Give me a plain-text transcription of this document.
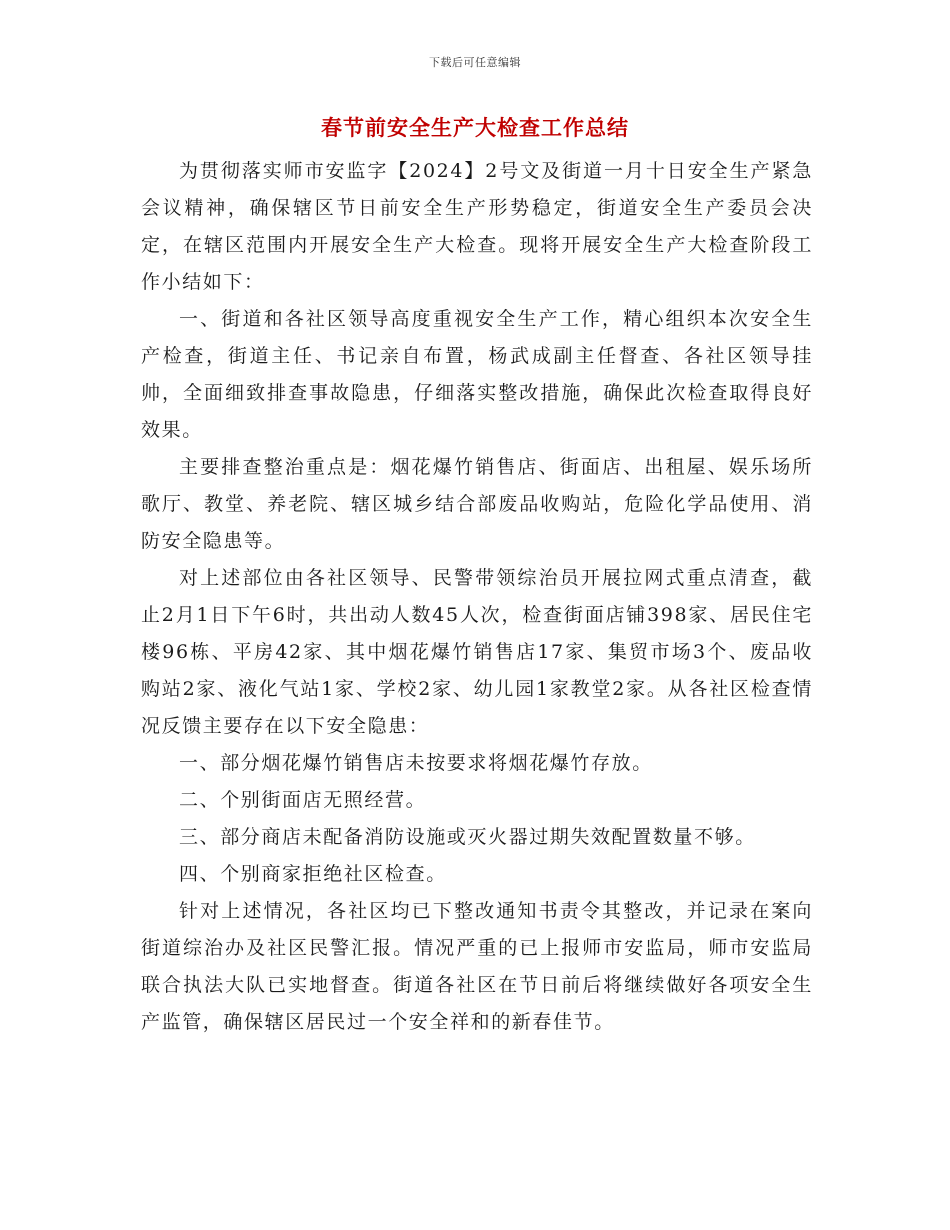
下载后可任意编辑
春节前安全生产大检查工作总结

为贯彻落实师市安监字【2024】2号文及街道一月十日安全生产紧急会议精神，确保辖区节日前安全生产形势稳定，街道安全生产委员会决定，在辖区范围内开展安全生产大检查。现将开展安全生产大检查阶段工作小结如下：

一、街道和各社区领导高度重视安全生产工作，精心组织本次安全生产检查，街道主任、书记亲自布置，杨武成副主任督查、各社区领导挂帅，全面细致排查事故隐患，仔细落实整改措施，确保此次检查取得良好效果。

主要排查整治重点是：烟花爆竹销售店、街面店、出租屋、娱乐场所歌厅、教堂、养老院、辖区城乡结合部废品收购站，危险化学品使用、消防安全隐患等。

对上述部位由各社区领导、民警带领综治员开展拉网式重点清查，截止2月1日下午6时，共出动人数45人次，检查街面店铺398家、居民住宅楼96栋、平房42家、其中烟花爆竹销售店17家、集贸市场3个、废品收购站2家、液化气站1家、学校2家、幼儿园1家教堂2家。从各社区检查情况反馈主要存在以下安全隐患：

一、部分烟花爆竹销售店未按要求将烟花爆竹存放。

二、个别街面店无照经营。

三、部分商店未配备消防设施或灭火器过期失效配置数量不够。

四、个别商家拒绝社区检查。

针对上述情况，各社区均已下整改通知书责令其整改，并记录在案向街道综治办及社区民警汇报。情况严重的已上报师市安监局，师市安监局联合执法大队已实地督查。街道各社区在节日前后将继续做好各项安全生产监管，确保辖区居民过一个安全祥和的新春佳节。
